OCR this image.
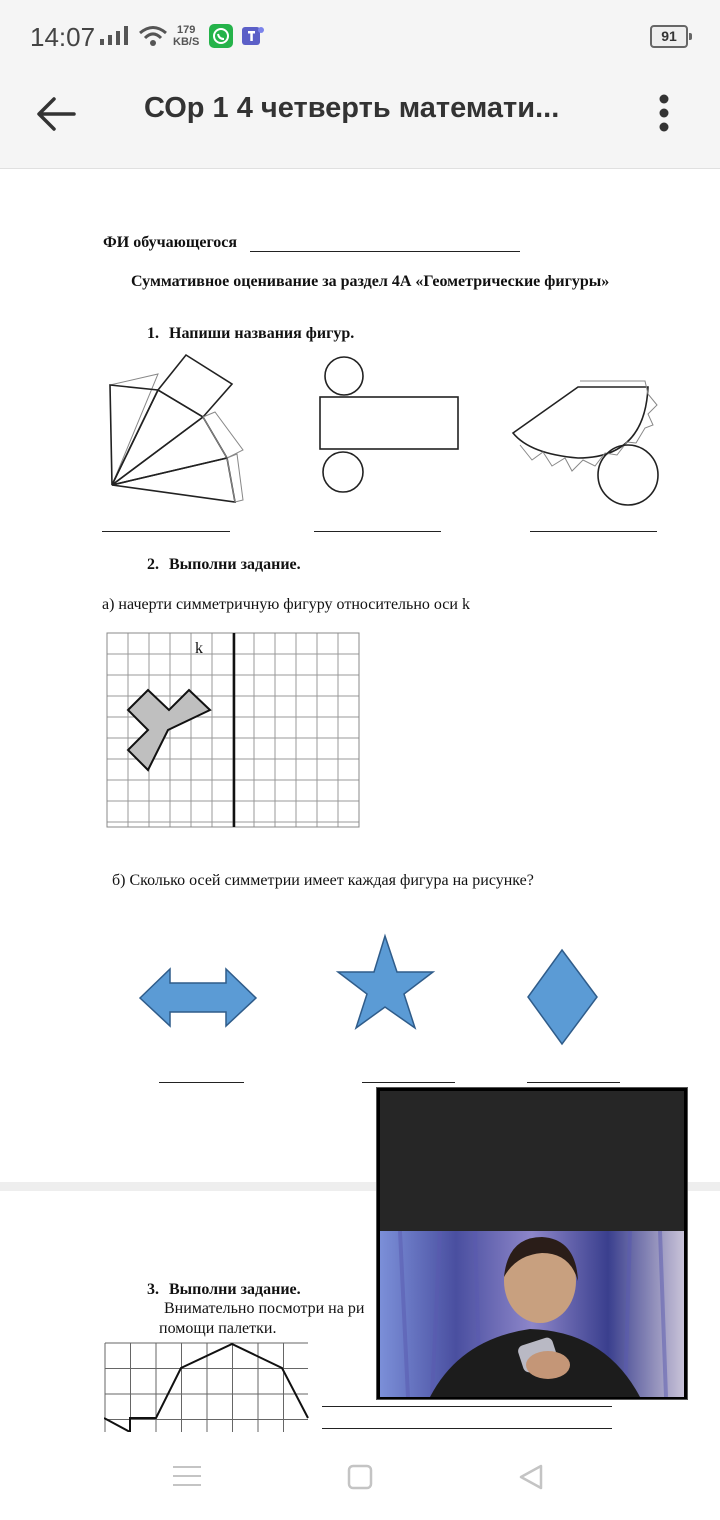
14:07	179
KB/S	91
СОр 1 4 четверть математи...
ФИ обучающегося
Суммативное оценивание за раздел 4А «Геометрические фигуры»
1. Напиши названия фигур.
2. Выполни задание.
а) начерти симметричную фигуру относительно оси k
k
б) Сколько осей симметрии имеет каждая фигура на рисунке?
3. Выполни задание.
Внимательно посмотри на ри
помощи палетки.
